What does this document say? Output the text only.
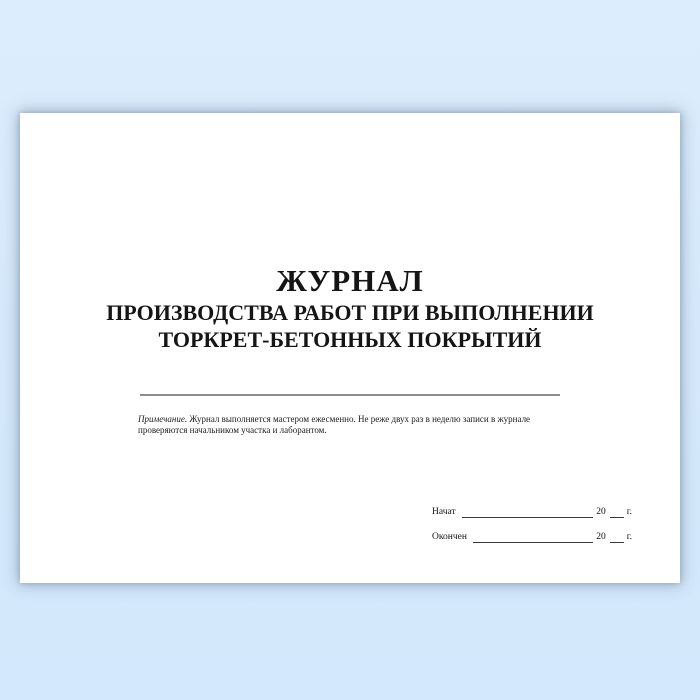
ЖУРНАЛ
ПРОИЗВОДСТВА РАБОТ ПРИ ВЫПОЛНЕНИИ
ТОРКРЕТ-БЕТОННЫХ ПОКРЫТИЙ
Примечание. Журнал выполняется мастером ежесменно. Не реже двух раз в неделю записи в журнале проверяются начальником участка и лаборантом.
Начат	20 г.
Окончен	20 г.
